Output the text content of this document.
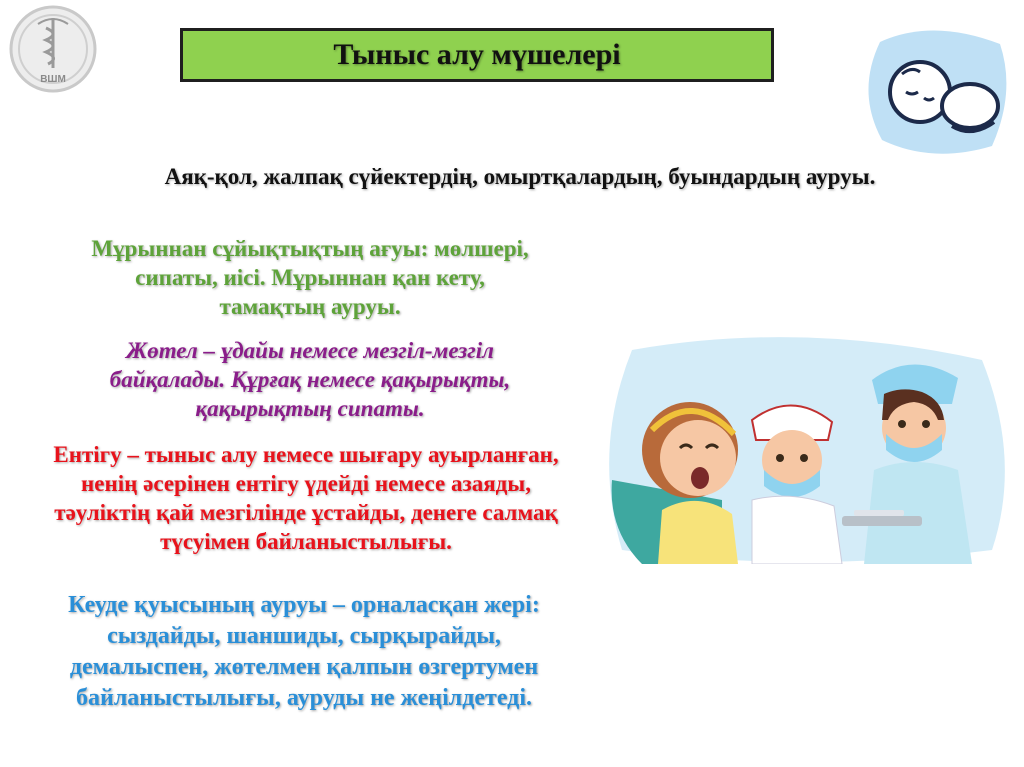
ВШМ
Тыныс алу мүшелері
Аяқ-қол, жалпақ сүйектердің, омыртқалардың, буындардың ауруы.
Мұрыннан сұйықтықтың ағуы: мөлшері,
сипаты, иісі. Мұрыннан қан кету,
тамақтың ауруы.
Жөтел – ұдайы немесе мезгіл-мезгіл
байқалады. Құрғақ немесе қақырықты,
қақырықтың сипаты.
Ентігу – тыныс алу немесе шығару ауырланған,
ненің әсерінен ентігу үдейді немесе азаяды,
тәуліктің қай мезгілінде ұстайды, денеге салмақ
түсуімен байланыстылығы.
Кеуде қуысының ауруы – орналасқан жері:
сыздайды, шаншиды, сырқырайды,
демалыспен, жөтелмен қалпын өзгертумен
байланыстылығы, ауруды не жеңілдетеді.
